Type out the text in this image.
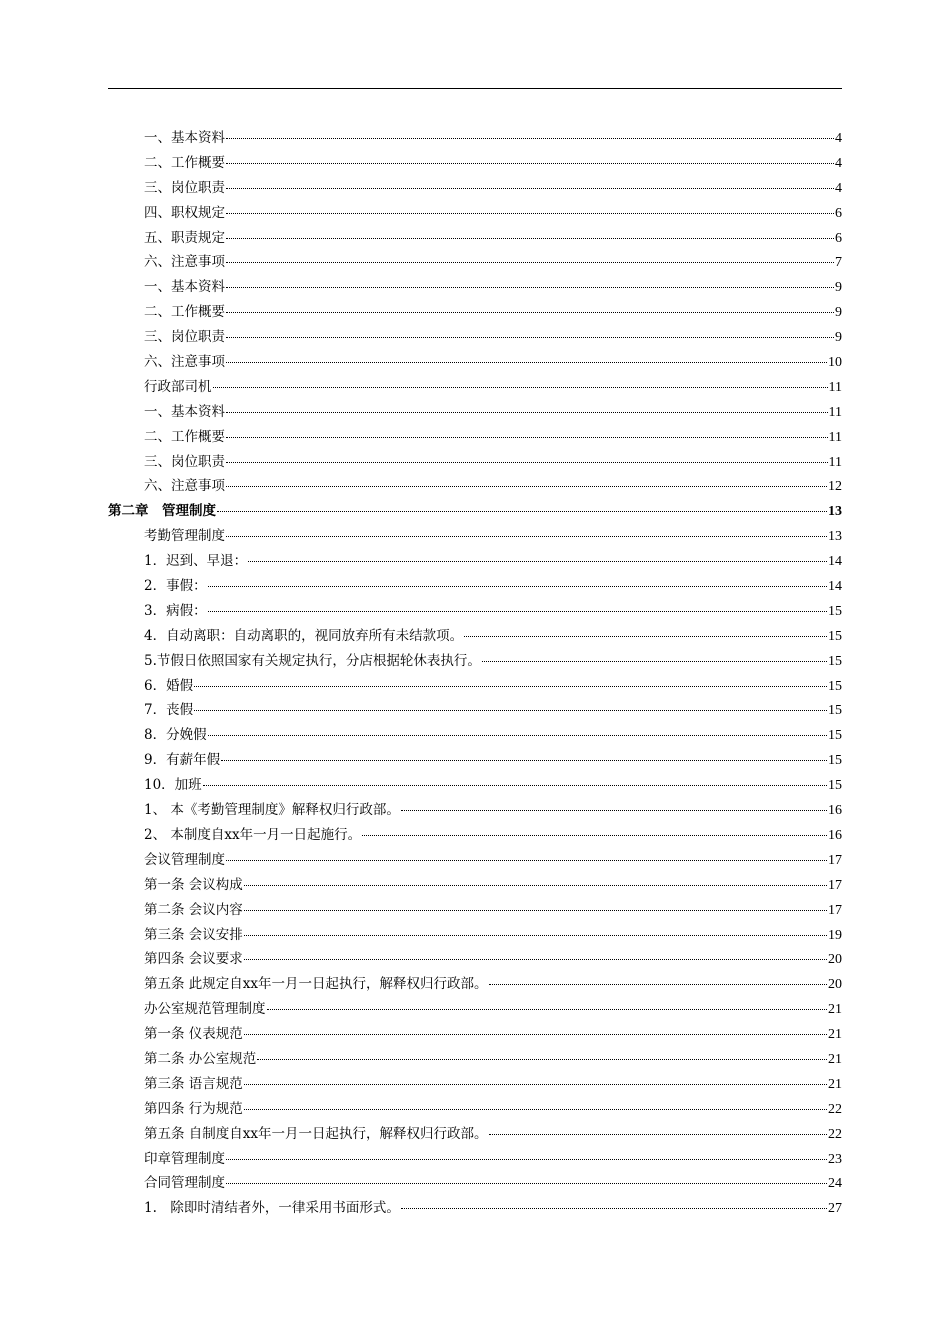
一、基本资料	4
二、工作概要	4
三、岗位职责	4
四、职权规定	6
五、职责规定	6
六、注意事项	7
一、基本资料	9
二、工作概要	9
三、岗位职责	9
六、注意事项	10
行政部司机	11
一、基本资料	11
二、工作概要	11
三、岗位职责	11
六、注意事项	12
第二章　管理制度	13
考勤管理制度	13
1．迟到、早退：	14
2．事假：	14
3．病假：	15
4．自动离职：自动离职的，视同放弃所有未结款项。	15
5.节假日依照国家有关规定执行，分店根据轮休表执行。	15
6．婚假	15
7．丧假	15
8．分娩假	15
9．有薪年假	15
10．加班	15
1、 本《考勤管理制度》解释权归行政部。	16
2、 本制度自xx年一月一日起施行。	16
会议管理制度	17
第一条 会议构成	17
第二条 会议内容	17
第三条 会议安排	19
第四条 会议要求	20
第五条 此规定自xx年一月一日起执行，解释权归行政部。	20
办公室规范管理制度	21
第一条 仪表规范	21
第二条 办公室规范	21
第三条 语言规范	21
第四条 行为规范	22
第五条 自制度自xx年一月一日起执行，解释权归行政部。	22
印章管理制度	23
合同管理制度	24
1.　除即时清结者外，一律采用书面形式。	27
